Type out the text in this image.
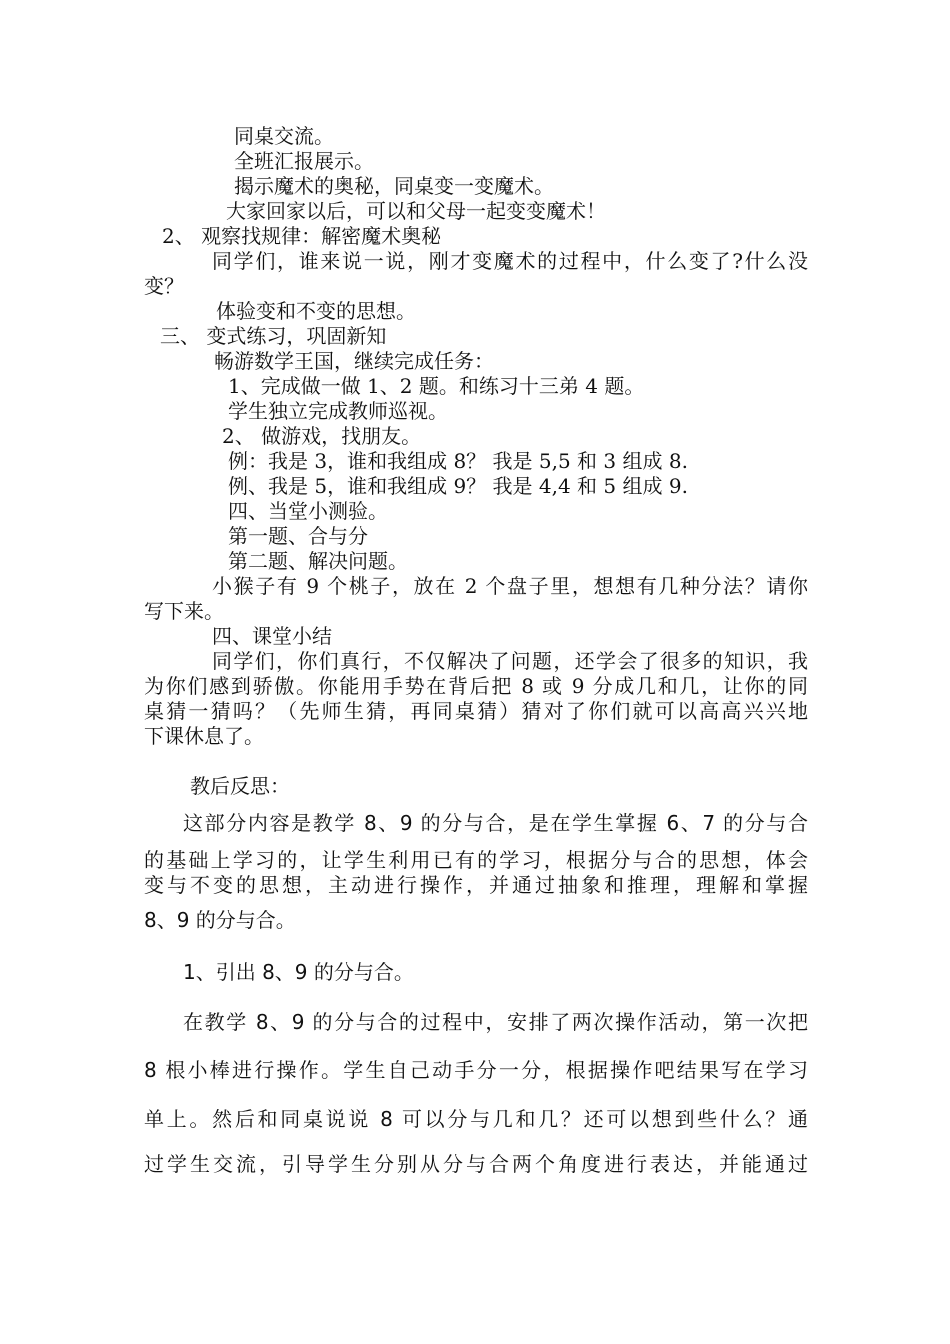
同桌交流。
全班汇报展示。
揭示魔术的奥秘，同桌变一变魔术。
大家回家以后，可以和父母一起变变魔术！
2、 观察找规律：解密魔术奥秘
同学们，谁来说一说，刚才变魔术的过程中，什么变了?什么没
变？
体验变和不变的思想。
三、 变式练习，巩固新知
畅游数学王国，继续完成任务：
1、完成做一做 1、2 题。和练习十三弟 4 题。
学生独立完成教师巡视。
2、 做游戏，找朋友。
例：我是 3，谁和我组成 8？ 我是 5,5 和 3 组成 8.
例、我是 5，谁和我组成 9？ 我是 4,4 和 5 组成 9.
四、当堂小测验。
第一题、合与分
第二题、解决问题。
小猴子有 9 个桃子，放在 2 个盘子里，想想有几种分法？请你
写下来。
四、课堂小结
同学们，你们真行，不仅解决了问题，还学会了很多的知识，我
为你们感到骄傲。你能用手势在背后把 8 或 9 分成几和几，让你的同
桌猜一猜吗？（先师生猜，再同桌猜）猜对了你们就可以高高兴兴地
下课休息了。
教后反思：
这部分内容是教学 8、9 的分与合，是在学生掌握 6、7 的分与合
的基础上学习的，让学生利用已有的学习，根据分与合的思想，体会
变与不变的思想，主动进行操作，并通过抽象和推理，理解和掌握
8、9 的分与合。
1、引出 8、9 的分与合。
在教学 8、9 的分与合的过程中，安排了两次操作活动，第一次把
8 根小棒进行操作。学生自己动手分一分，根据操作吧结果写在学习
单上。然后和同桌说说 8 可以分与几和几？还可以想到些什么？通
过学生交流，引导学生分别从分与合两个角度进行表达，并能通过
